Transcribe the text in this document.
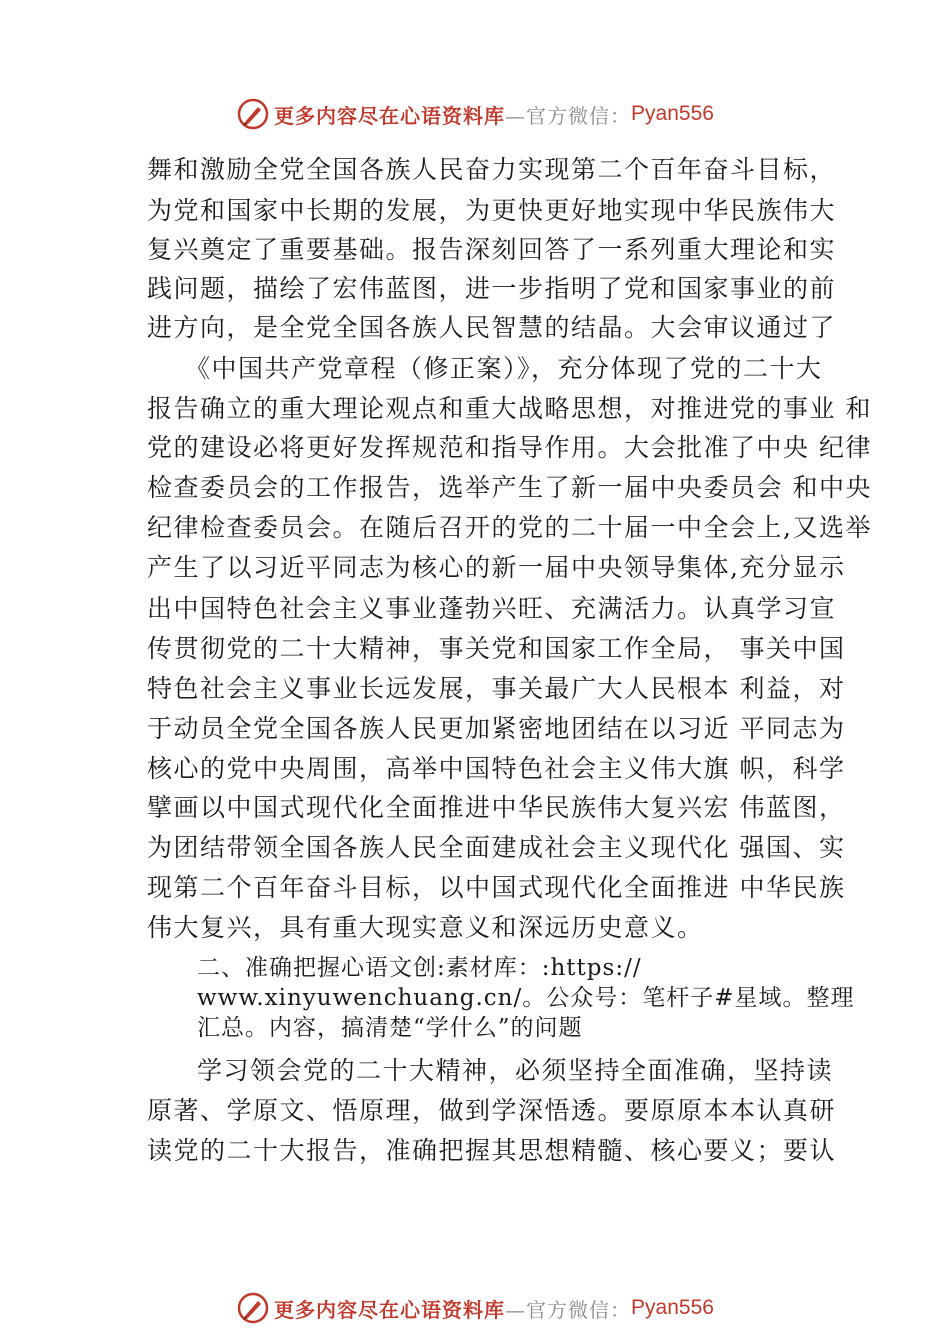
更多内容尽在心语资料库 —官方微信： Pyan556
舞和激励全党全国各族人民奋力实现第二个百年奋斗目标，
为党和国家中长期的发展，为更快更好地实现中华民族伟大
复兴奠定了重要基础。报告深刻回答了一系列重大理论和实
践问题，描绘了宏伟蓝图，进一步指明了党和国家事业的前
进方向，是全党全国各族人民智慧的结晶。大会审议通过了
《中国共产党章程（修正案）》，充分体现了党的二十大
报告确立的重大理论观点和重大战略思想，对推进党的事业 和
党的建设必将更好发挥规范和指导作用。大会批准了中央 纪律
检查委员会的工作报告，选举产生了新一届中央委员会 和中央
纪律检查委员会。在随后召开的党的二十届一中全会上,又选举
产生了以习近平同志为核心的新一届中央领导集体,充分显示
出中国特色社会主义事业蓬勃兴旺、充满活力。认真学习宣
传贯彻党的二十大精神，事关党和国家工作全局， 事关中国
特色社会主义事业长远发展，事关最广大人民根本 利益，对
于动员全党全国各族人民更加紧密地团结在以习近 平同志为
核心的党中央周围，高举中国特色社会主义伟大旗 帜，科学
擘画以中国式现代化全面推进中华民族伟大复兴宏 伟蓝图，
为团结带领全国各族人民全面建成社会主义现代化 强国、实
现第二个百年奋斗目标，以中国式现代化全面推进 中华民族
伟大复兴，具有重大现实意义和深远历史意义。
二、准确把握心语文创:素材库：:https://
www.xinyuwenchuang.cn/。公众号：笔杆子#星域。整理
汇总。内容，搞清楚“学什么”的问题
学习领会党的二十大精神，必须坚持全面准确，坚持读
原著、学原文、悟原理，做到学深悟透。要原原本本认真研
读党的二十大报告，准确把握其思想精髓、核心要义；要认
更多内容尽在心语资料库 —官方微信： Pyan556
